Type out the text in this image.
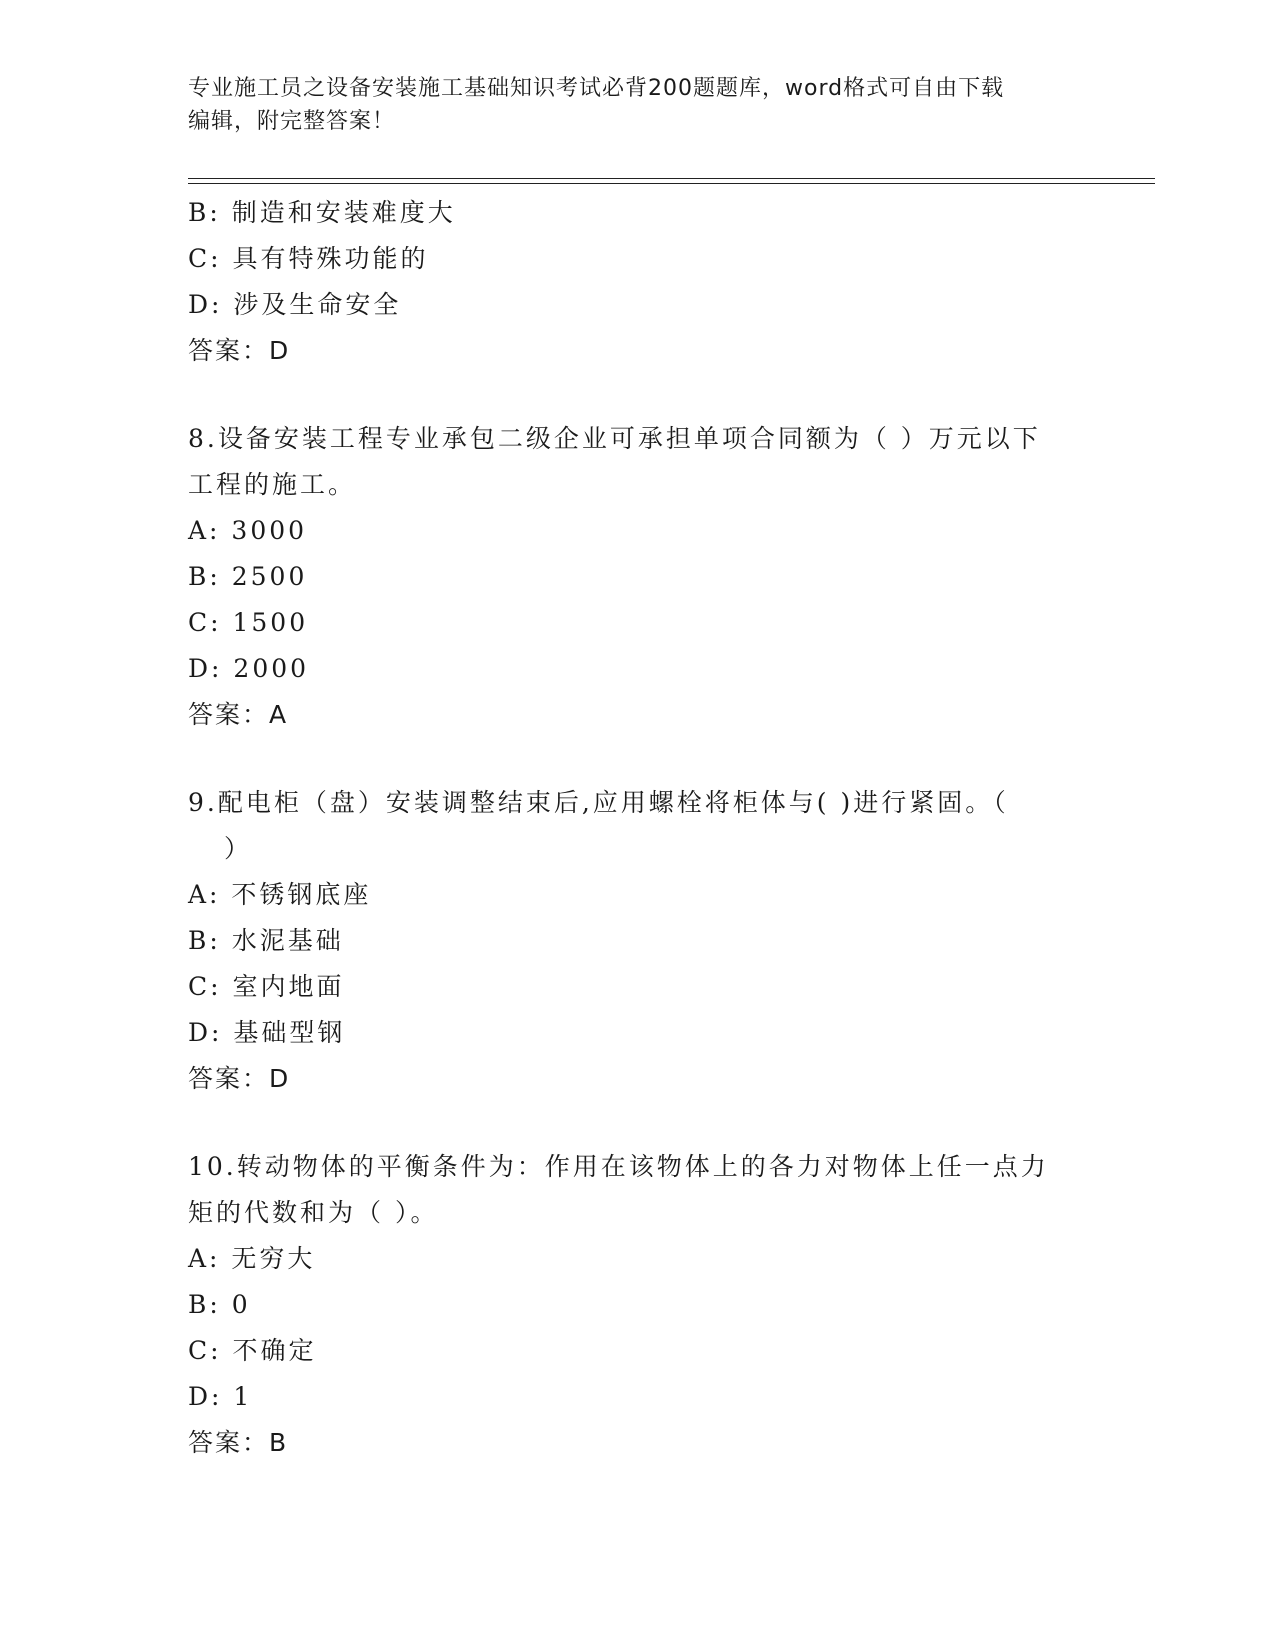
专业施工员之设备安装施工基础知识考试必背200题题库，word格式可自由下载
编辑，附完整答案！
B: 制造和安装难度大
C: 具有特殊功能的
D: 涉及生命安全
答案：D
8.设备安装工程专业承包二级企业可承担单项合同额为（ ）万元以下
工程的施工。
A: 3000
B: 2500
C: 1500
D: 2000
答案：A
9.配电柜（盘）安装调整结束后,应用螺栓将柜体与( )进行紧固。（
）
A: 不锈钢底座
B: 水泥基础
C: 室内地面
D: 基础型钢
答案：D
10.转动物体的平衡条件为：作用在该物体上的各力对物体上任一点力
矩的代数和为（ ）。
A: 无穷大
B: 0
C: 不确定
D: 1
答案：B
